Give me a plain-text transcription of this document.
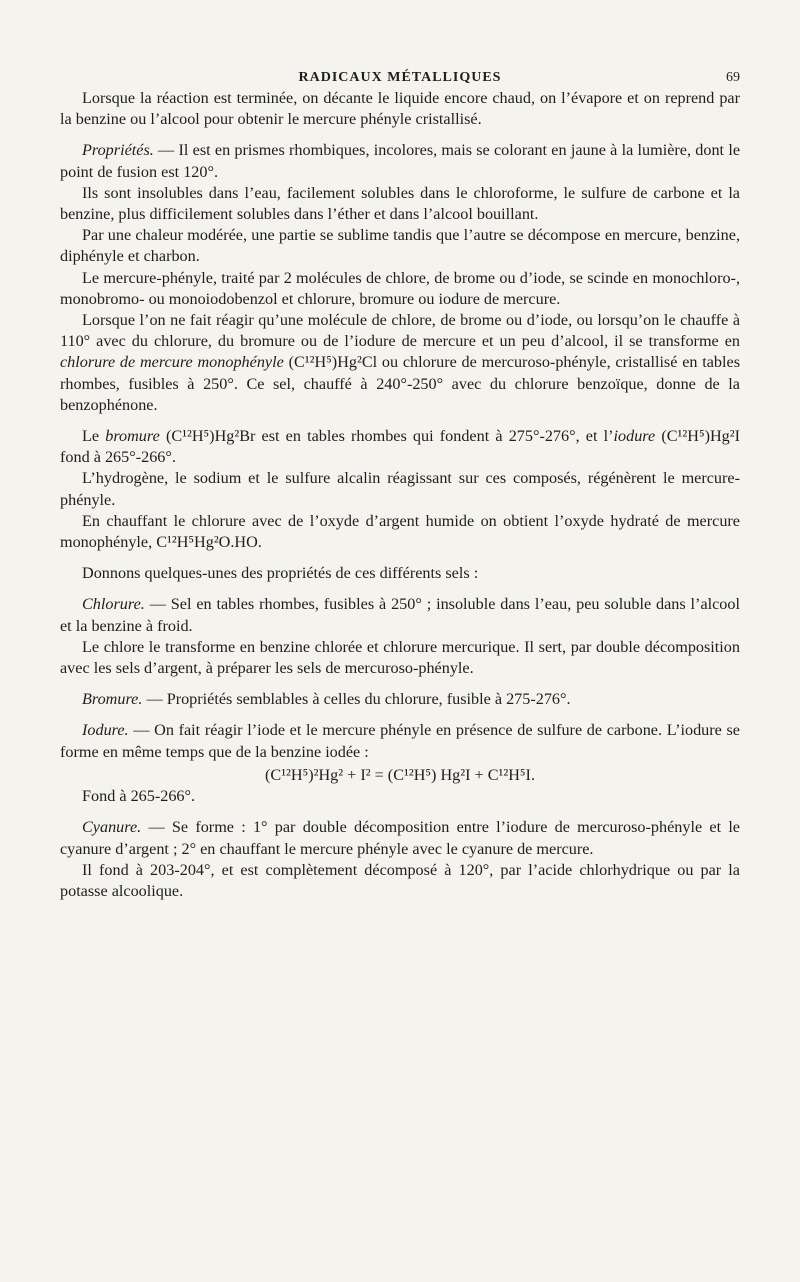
RADICAUX MÉTALLIQUES	69

Lorsque la réaction est terminée, on décante le liquide encore chaud, on l’évapore et on reprend par la benzine ou l’alcool pour obtenir le mercure phényle cristallisé.

Propriétés. — Il est en prismes rhombiques, incolores, mais se colorant en jaune à la lumière, dont le point de fusion est 120°.

Ils sont insolubles dans l’eau, facilement solubles dans le chloroforme, le sulfure de carbone et la benzine, plus difficilement solubles dans l’éther et dans l’alcool bouillant.

Par une chaleur modérée, une partie se sublime tandis que l’autre se décompose en mercure, benzine, diphényle et charbon.

Le mercure-phényle, traité par 2 molécules de chlore, de brome ou d’iode, se scinde en monochloro-, monobromo- ou monoiodobenzol et chlorure, bromure ou iodure de mercure.

Lorsque l’on ne fait réagir qu’une molécule de chlore, de brome ou d’iode, ou lorsqu’on le chauffe à 110° avec du chlorure, du bromure ou de l’iodure de mercure et un peu d’alcool, il se transforme en chlorure de mercure monophényle (C¹²H⁵)Hg²Cl ou chlorure de mercuroso-phényle, cristallisé en tables rhombes, fusibles à 250°. Ce sel, chauffé à 240°-250° avec du chlorure benzoïque, donne de la benzophénone.

Le bromure (C¹²H⁵)Hg²Br est en tables rhombes qui fondent à 275°-276°, et l’iodure (C¹²H⁵)Hg²I fond à 265°-266°.

L’hydrogène, le sodium et le sulfure alcalin réagissant sur ces composés, régénèrent le mercure-phényle.

En chauffant le chlorure avec de l’oxyde d’argent humide on obtient l’oxyde hydraté de mercure monophényle, C¹²H⁵Hg²O.HO.

Donnons quelques-unes des propriétés de ces différents sels :

Chlorure. — Sel en tables rhombes, fusibles à 250° ; insoluble dans l’eau, peu soluble dans l’alcool et la benzine à froid.

Le chlore le transforme en benzine chlorée et chlorure mercurique. Il sert, par double décomposition avec les sels d’argent, à préparer les sels de mercuroso-phényle.

Bromure. — Propriétés semblables à celles du chlorure, fusible à 275-276°.

Iodure. — On fait réagir l’iode et le mercure phényle en présence de sulfure de carbone. L’iodure se forme en même temps que de la benzine iodée :

(C¹²H⁵)²Hg² + I² = (C¹²H⁵) Hg²I + C¹²H⁵I.

Fond à 265-266°.

Cyanure. — Se forme : 1° par double décomposition entre l’iodure de mercuroso-phényle et le cyanure d’argent ; 2° en chauffant le mercure phényle avec le cyanure de mercure.

Il fond à 203-204°, et est complètement décomposé à 120°, par l’acide chlorhydrique ou par la potasse alcoolique.
